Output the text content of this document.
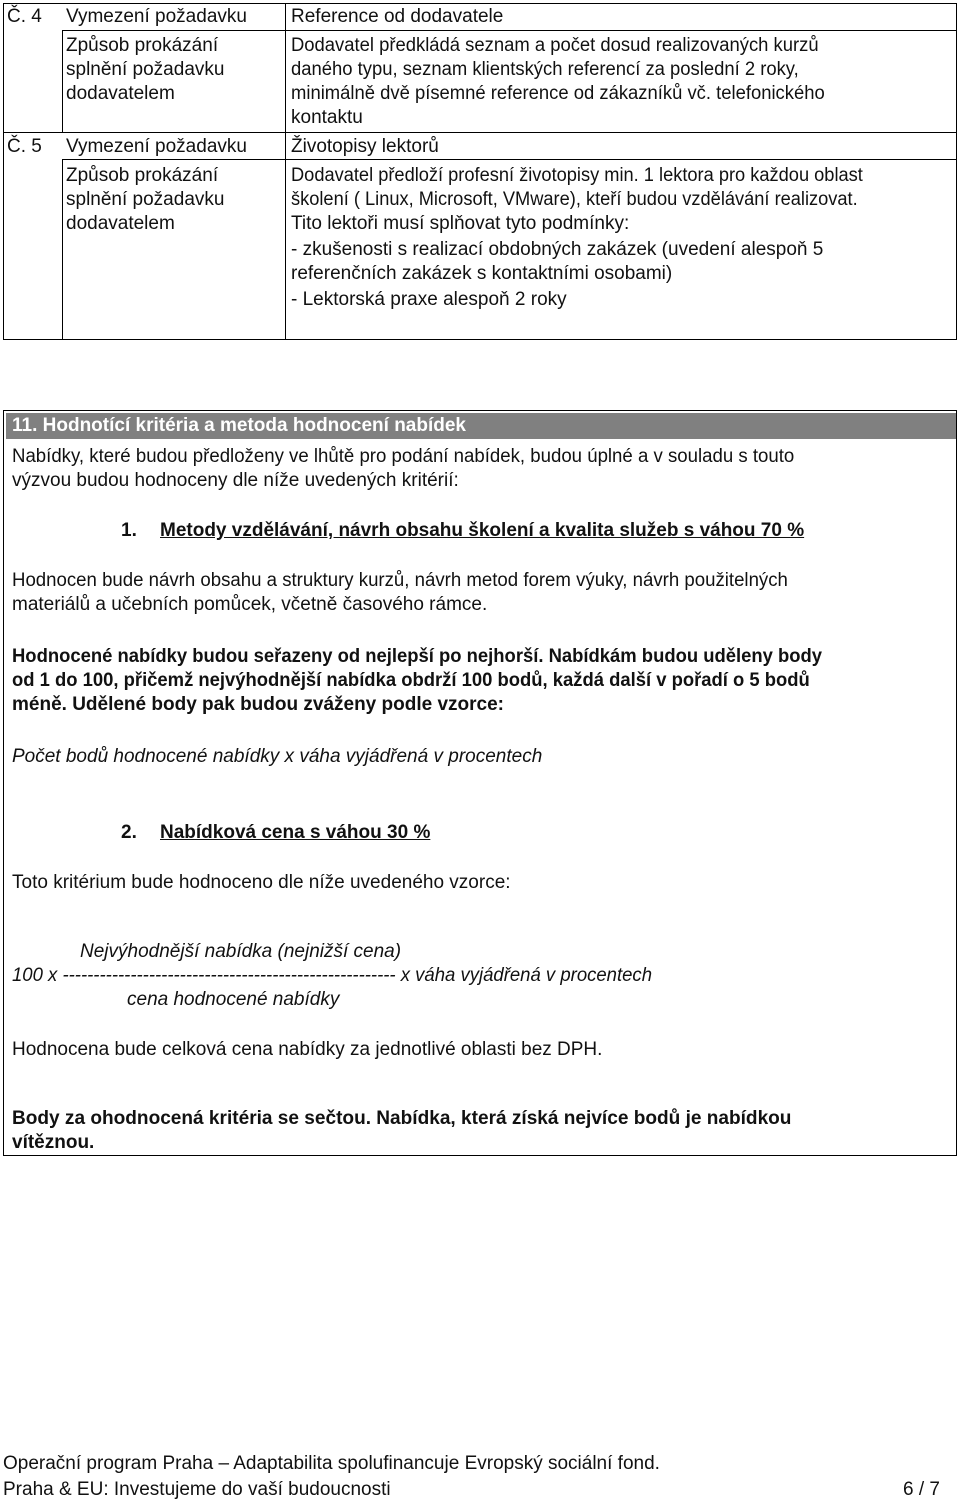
Č. 4 Vymezení požadavku Reference od dodavatele
Způsob prokázání
splnění požadavku
dodavatelem
Dodavatel předkládá seznam a počet dosud realizovaných kurzů
daného typu, seznam klientských referencí za poslední 2 roky,
minimálně dvě písemné reference od zákazníků vč. telefonického
kontaktu
Č. 5 Vymezení požadavku Životopisy lektorů
Způsob prokázání
splnění požadavku
dodavatelem
Dodavatel předloží profesní životopisy min. 1 lektora pro každou oblast
školení ( Linux, Microsoft, VMware), kteří budou vzdělávání realizovat.
Tito lektoři musí splňovat tyto podmínky:
- zkušenosti s realizací obdobných zakázek (uvedení alespoň 5
referenčních zakázek s kontaktními osobami)
- Lektorská praxe alespoň 2 roky
11. Hodnotící kritéria a metoda hodnocení nabídek
Nabídky, které budou předloženy ve lhůtě pro podání nabídek, budou úplné a v souladu s touto
výzvou budou hodnoceny dle níže uvedených kritérií:
1. Metody vzdělávání, návrh obsahu školení a kvalita služeb s váhou 70 %
Hodnocen bude návrh obsahu a struktury kurzů, návrh metod forem výuky, návrh použitelných
materiálů a učebních pomůcek, včetně časového rámce.
Hodnocené nabídky budou seřazeny od nejlepší po nejhorší. Nabídkám budou uděleny body
od 1 do 100, přičemž nejvýhodnější nabídka obdrží 100 bodů, každá další v pořadí o 5 bodů
méně. Udělené body pak budou zváženy podle vzorce:
Počet bodů hodnocené nabídky x váha vyjádřená v procentech
2. Nabídková cena s váhou 30 %
Toto kritérium bude hodnoceno dle níže uvedeného vzorce:
Nejvýhodnější nabídka (nejnižší cena)
100 x ------------------------------------------------------ x váha vyjádřená v procentech
cena hodnocené nabídky
Hodnocena bude celková cena nabídky za jednotlivé oblasti bez DPH.
Body za ohodnocená kritéria se sečtou. Nabídka, která získá nejvíce bodů je nabídkou
vítěznou.
Operační program Praha – Adaptabilita spolufinancuje Evropský sociální fond.
Praha & EU: Investujeme do vaší budoucnosti	6 / 7
